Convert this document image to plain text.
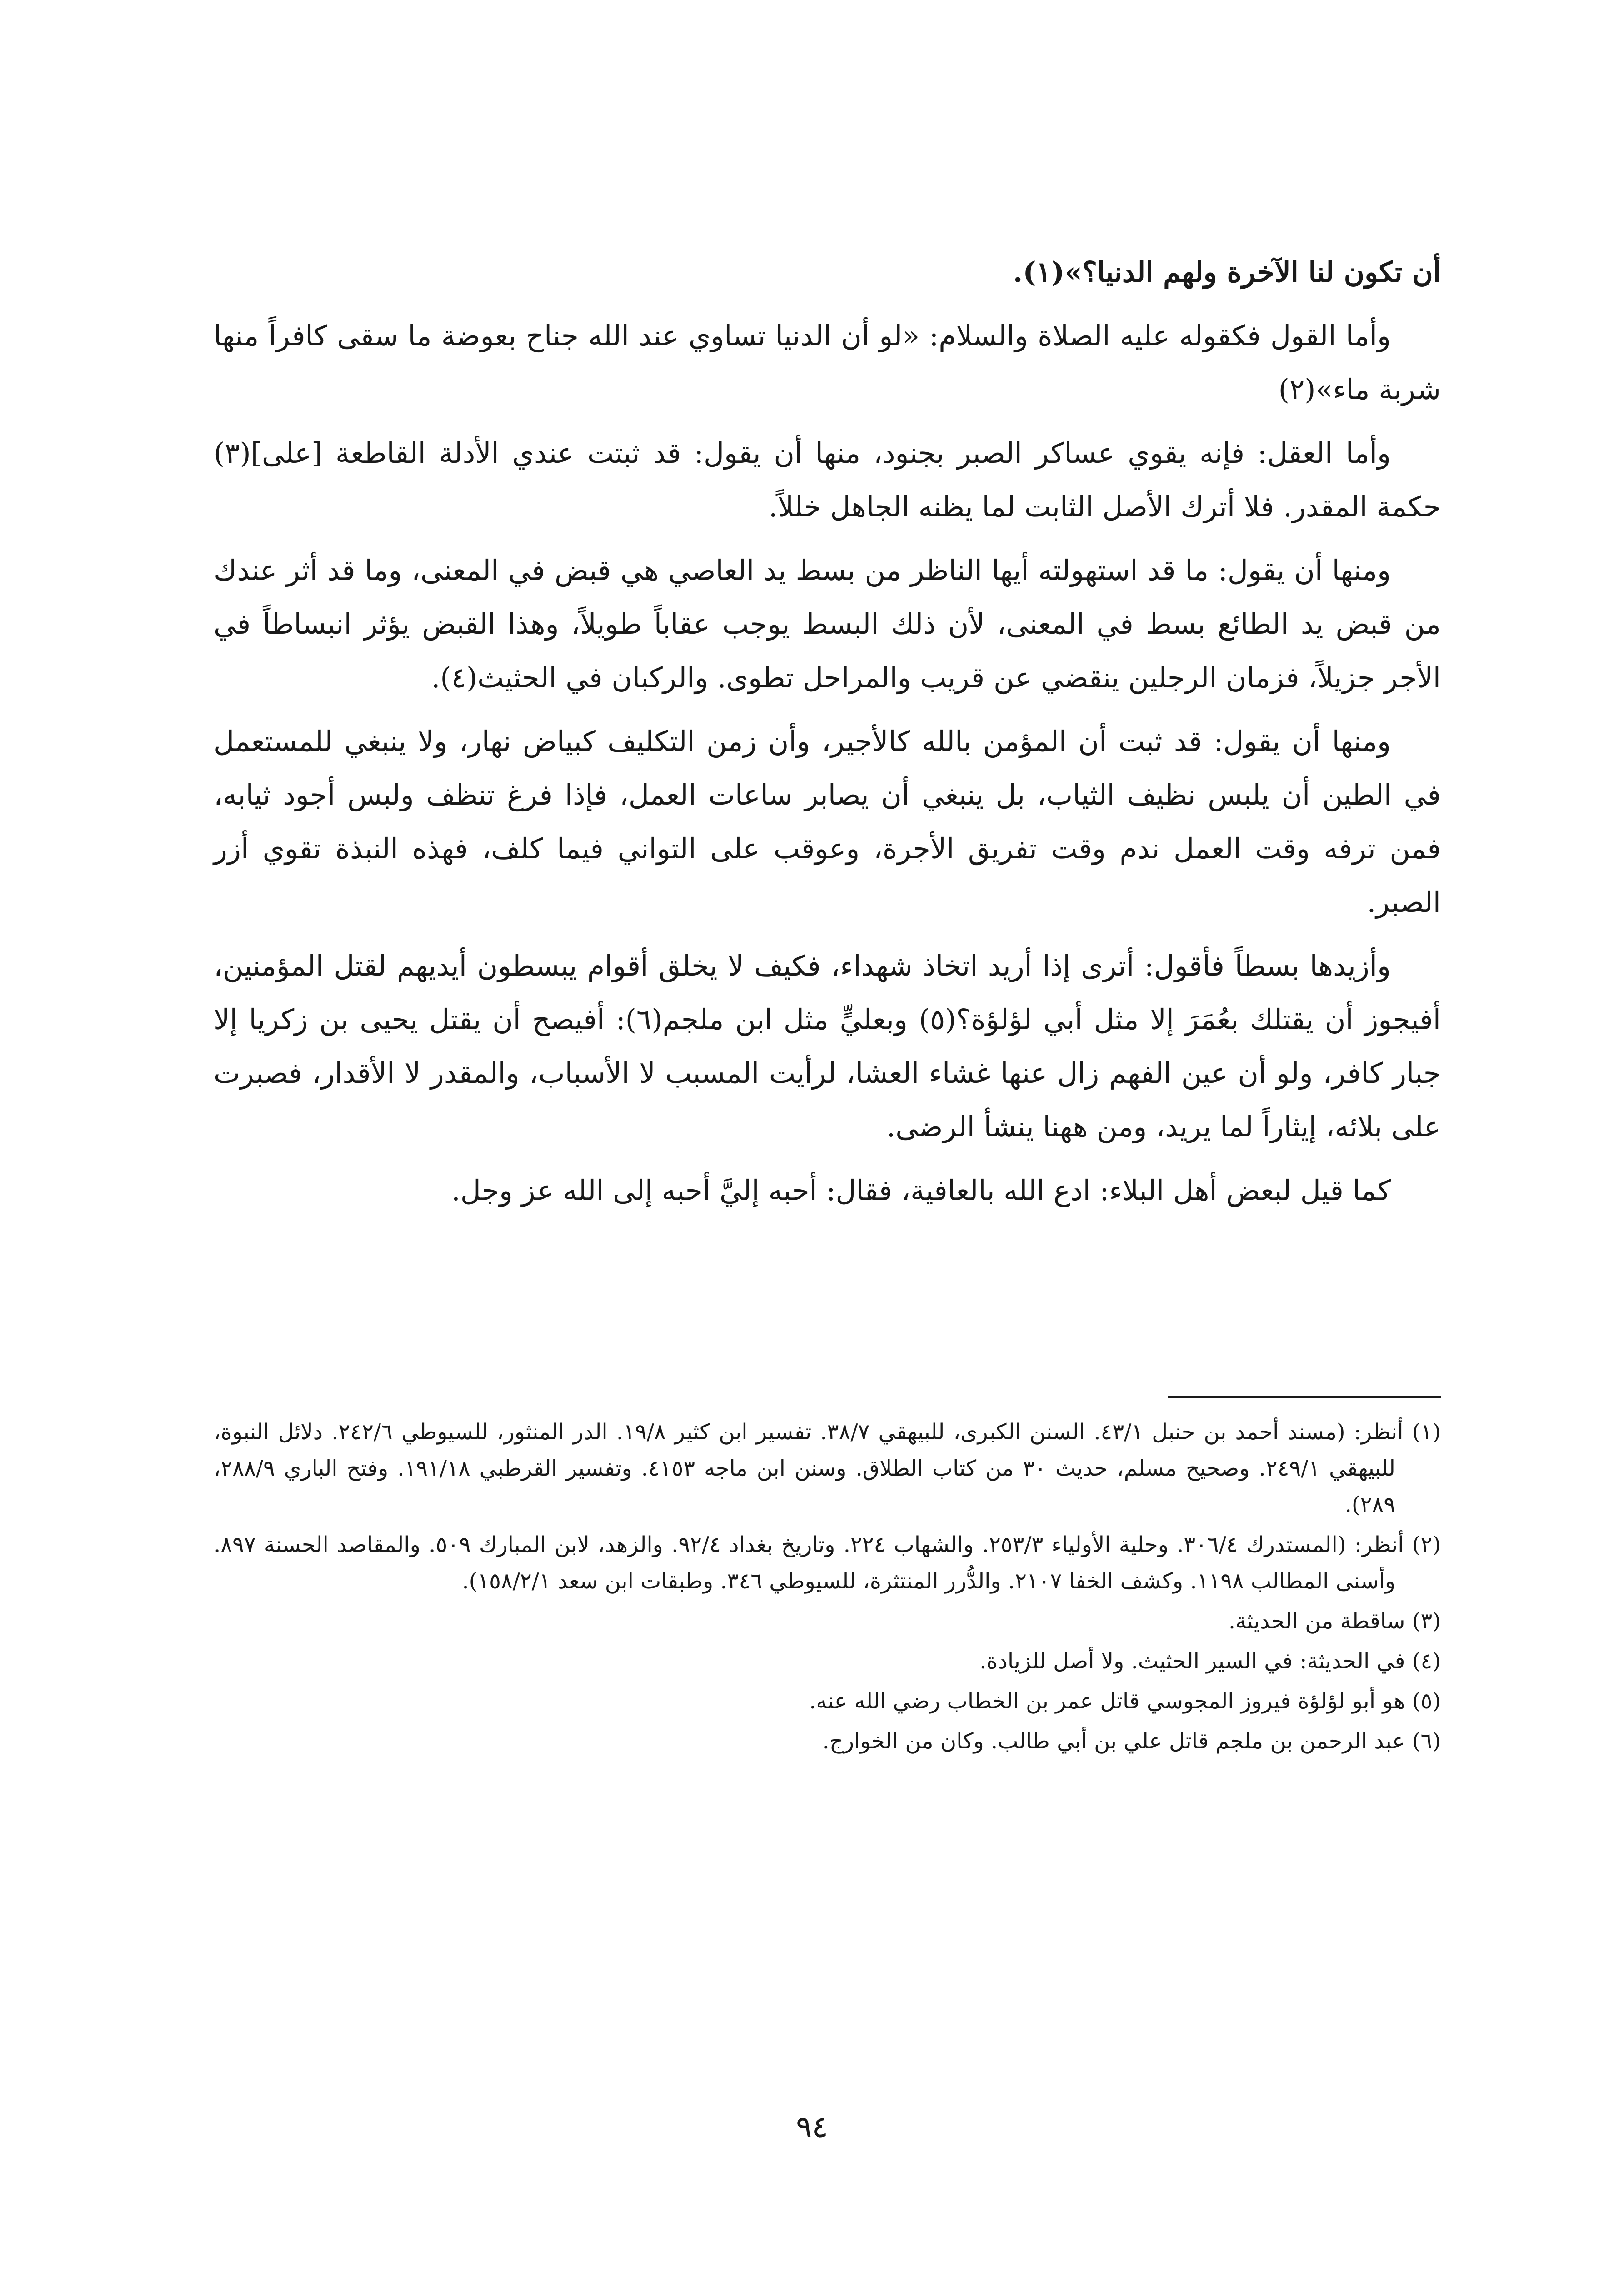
أن تكون لنا الآخرة ولهم الدنيا؟»(١).

وأما القول فكقوله عليه الصلاة والسلام: «لو أن الدنيا تساوي عند الله جناح بعوضة ما سقى كافراً منها شربة ماء»(٢)

وأما العقل: فإنه يقوي عساكر الصبر بجنود، منها أن يقول: قد ثبتت عندي الأدلة القاطعة [على](٣) حكمة المقدر. فلا أترك الأصل الثابت لما يظنه الجاهل خللاً.

ومنها أن يقول: ما قد استهولته أيها الناظر من بسط يد العاصي هي قبض في المعنى، وما قد أثر عندك من قبض يد الطائع بسط في المعنى، لأن ذلك البسط يوجب عقاباً طويلاً، وهذا القبض يؤثر انبساطاً في الأجر جزيلاً، فزمان الرجلين ينقضي عن قريب والمراحل تطوى. والركبان في الحثيث(٤).

ومنها أن يقول: قد ثبت أن المؤمن بالله كالأجير، وأن زمن التكليف كبياض نهار، ولا ينبغي للمستعمل في الطين أن يلبس نظيف الثياب، بل ينبغي أن يصابر ساعات العمل، فإذا فرغ تنظف ولبس أجود ثيابه، فمن ترفه وقت العمل ندم وقت تفريق الأجرة، وعوقب على التواني فيما كلف، فهذه النبذة تقوي أزر الصبر.

وأزيدها بسطاً فأقول: أترى إذا أريد اتخاذ شهداء، فكيف لا يخلق أقوام يبسطون أيديهم لقتل المؤمنين، أفيجوز أن يقتلك بعُمَرَ إلا مثل أبي لؤلؤة؟(٥) وبعليٍّ مثل ابن ملجم(٦): أفيصح أن يقتل يحيى بن زكريا إلا جبار كافر، ولو أن عين الفهم زال عنها غشاء العشا، لرأيت المسبب لا الأسباب، والمقدر لا الأقدار، فصبرت على بلائه، إيثاراً لما يريد، ومن ههنا ينشأ الرضى.

كما قيل لبعض أهل البلاء: ادع الله بالعافية، فقال: أحبه إليَّ أحبه إلى الله عز وجل.

(١) أنظر: (مسند أحمد بن حنبل ٤٣/١. السنن الكبرى، للبيهقي ٣٨/٧. تفسير ابن كثير ١٩/٨. الدر المنثور، للسيوطي ٢٤٢/٦. دلائل النبوة، للبيهقي ٢٤٩/١. وصحيح مسلم، حديث ٣٠ من كتاب الطلاق. وسنن ابن ماجه ٤١٥٣. وتفسير القرطبي ١٩١/١٨. وفتح الباري ٢٨٨/٩، ٢٨٩).

(٢) أنظر: (المستدرك ٣٠٦/٤. وحلية الأولياء ٢٥٣/٣. والشهاب ٢٢٤. وتاريخ بغداد ٩٢/٤. والزهد، لابن المبارك ٥٠٩. والمقاصد الحسنة ٨٩٧. وأسنى المطالب ١١٩٨. وكشف الخفا ٢١٠٧. والدُّرر المنتثرة، للسيوطي ٣٤٦. وطبقات ابن سعد ١٥٨/٢/١).

(٣) ساقطة من الحديثة.

(٤) في الحديثة: في السير الحثيث. ولا أصل للزيادة.

(٥) هو أبو لؤلؤة فيروز المجوسي قاتل عمر بن الخطاب رضي الله عنه.

(٦) عبد الرحمن بن ملجم قاتل علي بن أبي طالب. وكان من الخوارج.

٩٤
